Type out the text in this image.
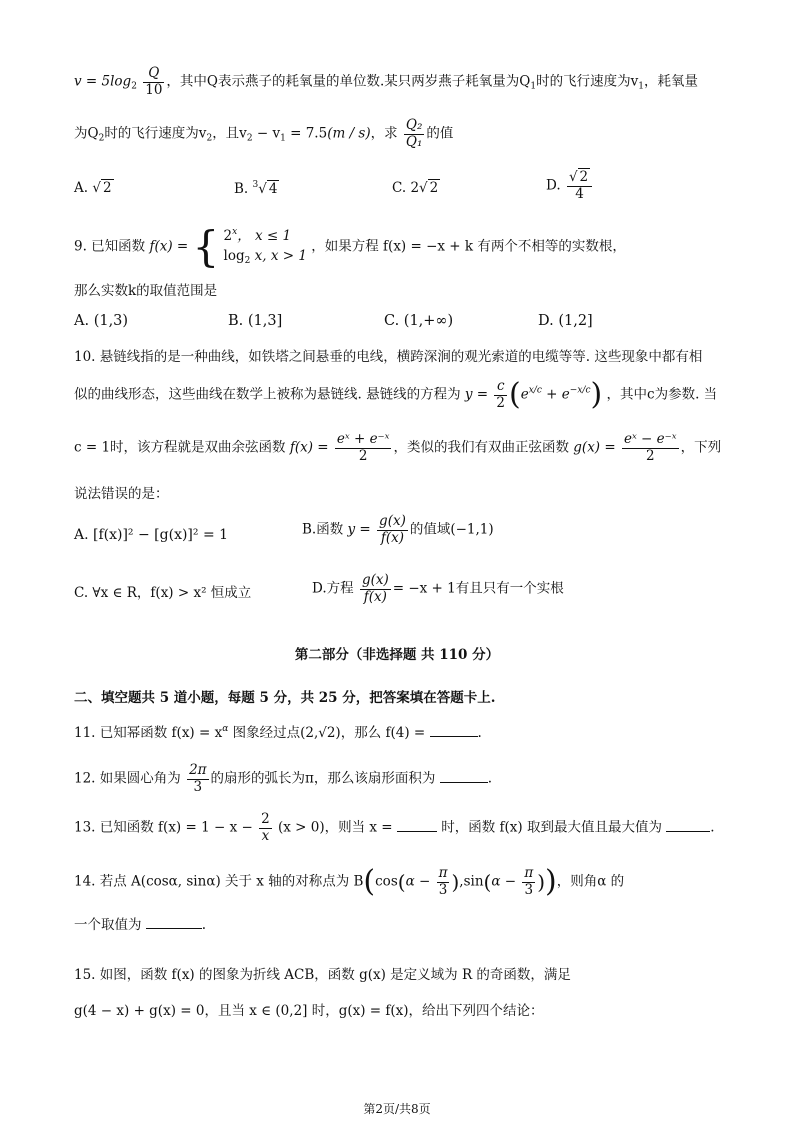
$v = 5\log_2 \frac{Q}{10}$ ，其中Q表示燕子的耗氧量的单位数.某只两岁燕子耗氧量为$Q_1$时的飞行速度为$v_1$，耗氧量
为$Q_2$时的飞行速度为$v_2$，且$v_2 - v_1 = 7.5(m / s)$，求 $\frac{\text{Q₂}}{\text{Q₁}}$ 的值
A. √ 2	B. $^3$√ 4	C. 2√ 2	D. $\frac{√ 2}{4}$
9. 已知函数 f(x) = { 2$^x$， x ≤ 1
$\log_2 x$, x > 1
，如果方程 f(x) = −x + k 有两个不相等的实数根，
那么实数k的取值范围是
A. (1,3)	B. (1,3]	C. (1,+∞)	D. (1,2]
10. 悬链线指的是一种曲线，如铁塔之间悬垂的电线，横跨深涧的观光索道的电缆等等. 这些现象中都有相
似的曲线形态，这些曲线在数学上被称为悬链线. 悬链线的方程为 $y = \frac{c}{2} (e^{x/c} + e^{-x/c})$ ，其中c为参数. 当
c = 1时，该方程就是双曲余弦函数 $f(x) = \frac{\text{eˣ + e⁻ˣ}}{2}$ ，类似的我们有双曲正弦函数 $g(x) = \frac{\text{eˣ − e⁻ˣ}}{2}$ ，下列
说法错误的是：
A. [f(x)]² − [g(x)]² = 1	B.函数 $y = \frac{g(x)}{f(x)}$ 的值域(−1,1)
C. ∀x ∈ R，f(x) > x² 恒成立	D.方程 $\frac{g(x)}{f(x)} = -x + 1$有且只有一个实根
第二部分（非选择题 共 110 分）
二、填空题共 5 道小题，每题 5 分，共 25 分，把答案填在答题卡上.
11. 已知幂函数 $f(x) = x^\alpha$ 图象经过点(2,√2)，那么 f(4) =	.
12. 如果圆心角为 $\frac{2\pi}{3}$ 的扇形的弧长为π，那么该扇形面积为	.
13. 已知函数 $f(x) = 1 - x - \frac{2}{x} (x > 0)$，则当 x =	时，函数 f(x) 取到最大值且最大值为	.
14. 若点 A(cosα, sinα) 关于 x 轴的对称点为 $B(\cos(\alpha - \frac{\pi}{3} ),\sin(\alpha - \frac{\pi}{3}$ ))，则角α 的
一个取值为	.
15. 如图，函数 f(x) 的图象为折线 ACB，函数 g(x) 是定义域为 R 的奇函数，满足
g(4 − x) + g(x) = 0，且当 x ∈ (0,2] 时，g(x) = f(x)，给出下列四个结论：
第2页/共8页
